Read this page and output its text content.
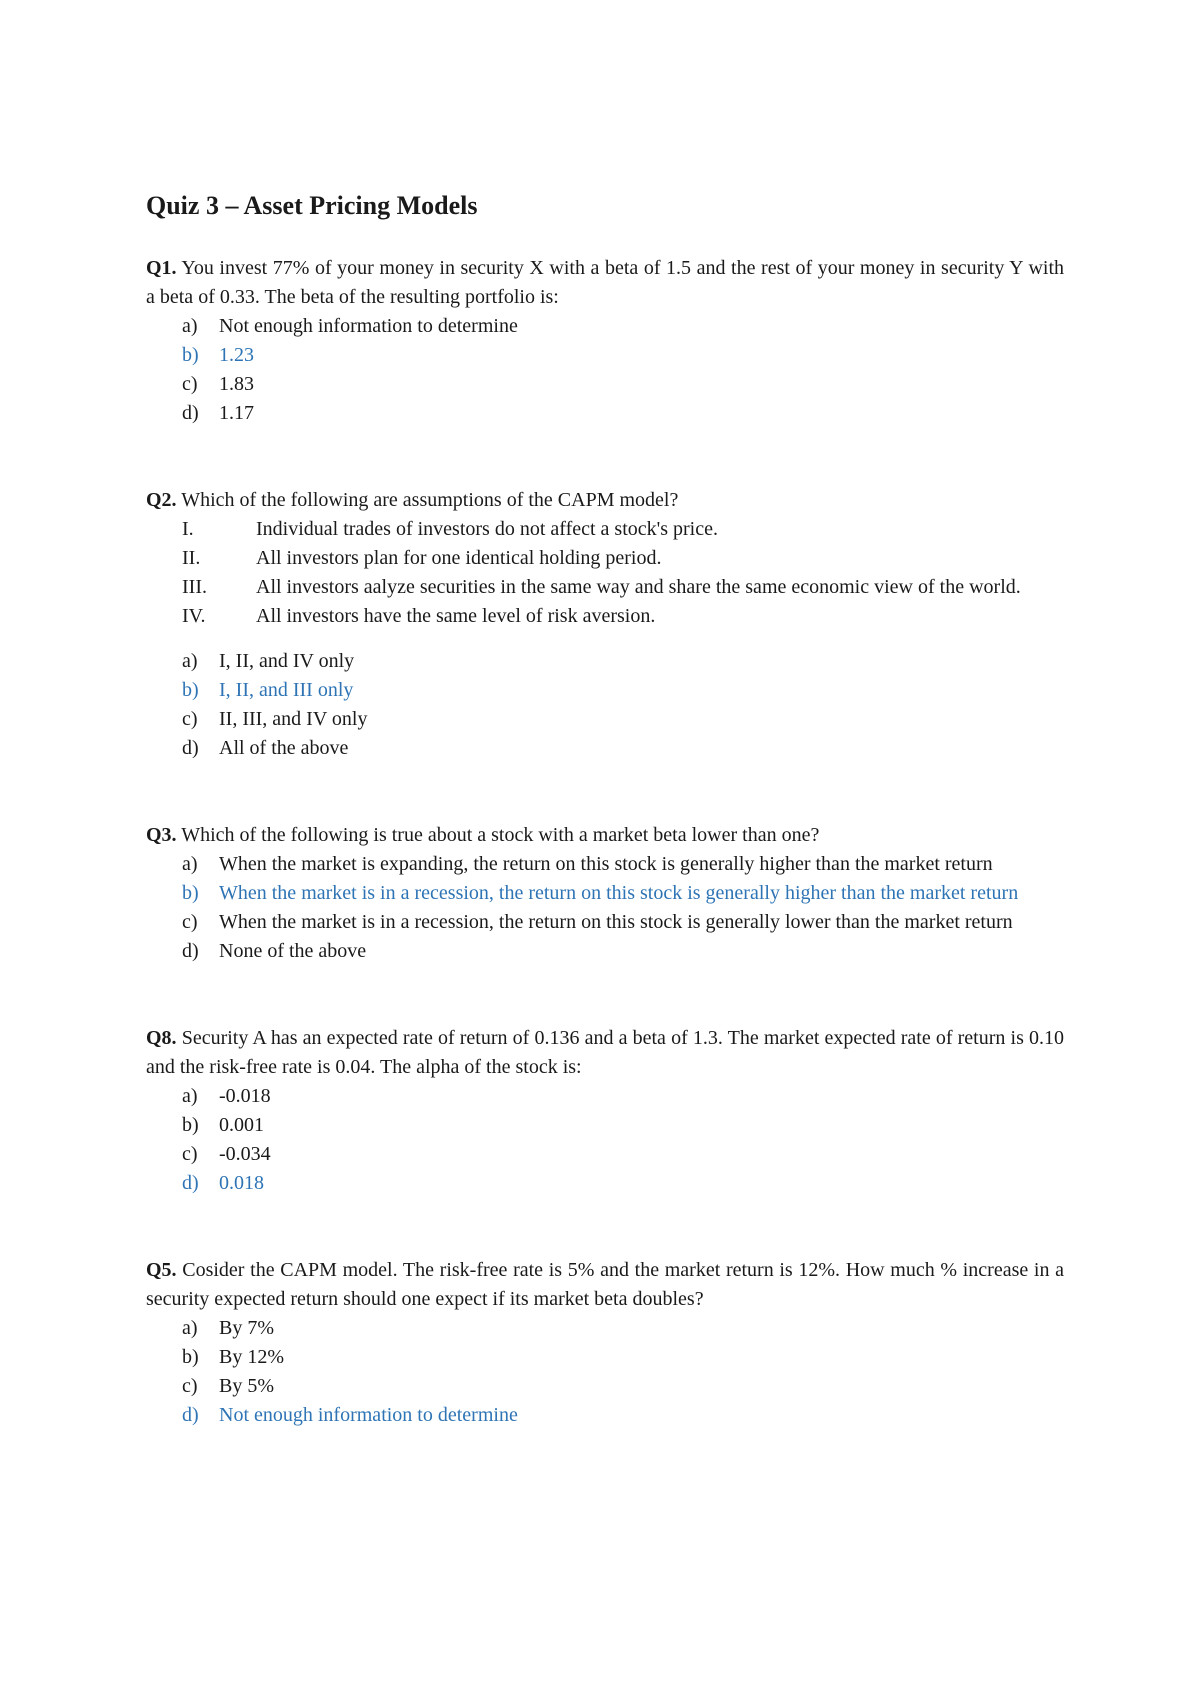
Quiz 3 – Asset Pricing Models
Q1. You invest 77% of your money in security X with a beta of 1.5 and the rest of your money in security Y with a beta of 0.33. The beta of the resulting portfolio is:
a)	Not enough information to determine
b)	1.23
c)	1.83
d)	1.17
Q2. Which of the following are assumptions of the CAPM model?
I.	Individual trades of investors do not affect a stock's price.
II.	All investors plan for one identical holding period.
III.	All investors aalyze securities in the same way and share the same economic view of the world.
IV.	All investors have the same level of risk aversion.
a)	I, II, and IV only
b)	I, II, and III only
c)	II, III, and IV only
d)	All of the above
Q3. Which of the following is true about a stock with a market beta lower than one?
a)	When the market is expanding, the return on this stock is generally higher than the market return
b)	When the market is in a recession, the return on this stock is generally higher than the market return
c)	When the market is in a recession, the return on this stock is generally lower than the market return
d)	None of the above
Q8. Security A has an expected rate of return of 0.136 and a beta of 1.3. The market expected rate of return is 0.10 and the risk-free rate is 0.04. The alpha of the stock is:
a)	-0.018
b)	0.001
c)	-0.034
d)	0.018
Q5. Cosider the CAPM model. The risk-free rate is 5% and the market return is 12%. How much % increase in a security expected return should one expect if its market beta doubles?
a)	By 7%
b)	By 12%
c)	By 5%
d)	Not enough information to determine
